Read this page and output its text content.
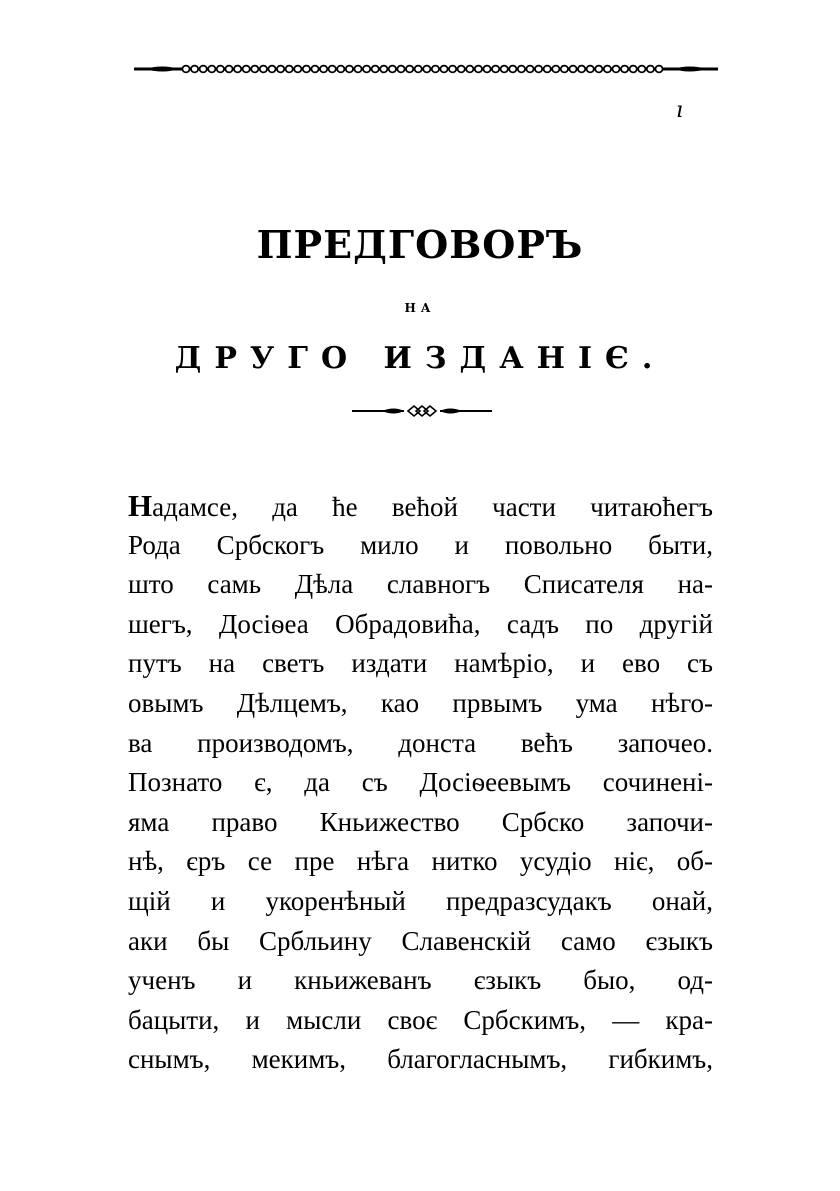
ı
ПРЕДГОВОРЪ
НА
ДРУГО ИЗДАНІЄ.
Надамсе, да ће већой части читаюћегъ
Рода Србскогъ мило и повольно быти,
што самь Дѣла славногъ Списателя на-
шегъ, Досіѳеа Обрадовића, садъ по другій
путъ на светъ издати намѣріо, и ево съ
овымъ Дѣлцемъ, као првымъ ума нѣго-
ва производомъ, донста већъ започео.
Познато є, да съ Досіѳеевымъ сочиненi-
яма право Кньижество Србско започи-
нѣ, єръ се пре нѣга нитко усудіо ніє, об-
щій и укоренѣный предразсудакъ онай,
аки бы Србльину Славенскій само єзыкъ
ученъ и кньижеванъ єзыкъ быо, од-
бацыти, и мысли своє Србскимъ, — кра-
снымъ, мекимъ, благогласнымъ, гибкимъ,
